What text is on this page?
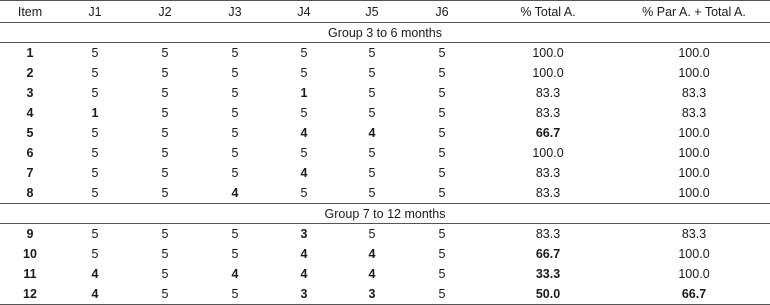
Item	J1	J2	J3	J4	J5	J6	% Total A.	% Par A. + Total A.
Group 3 to 6 months								
1	5	5	5	5	5	5	100.0	100.0
2	5	5	5	5	5	5	100.0	100.0
3	5	5	5	1	5	5	83.3	83.3
4	1	5	5	5	5	5	83.3	83.3
5	5	5	5	4	4	5	66.7	100.0
6	5	5	5	5	5	5	100.0	100.0
7	5	5	5	4	5	5	83.3	100.0
8	5	5	4	5	5	5	83.3	100.0
Group 7 to 12 months								
9	5	5	5	3	5	5	83.3	83.3
10	5	5	5	4	4	5	66.7	100.0
11	4	5	4	4	4	5	33.3	100.0
12	4	5	5	3	3	5	50.0	66.7
